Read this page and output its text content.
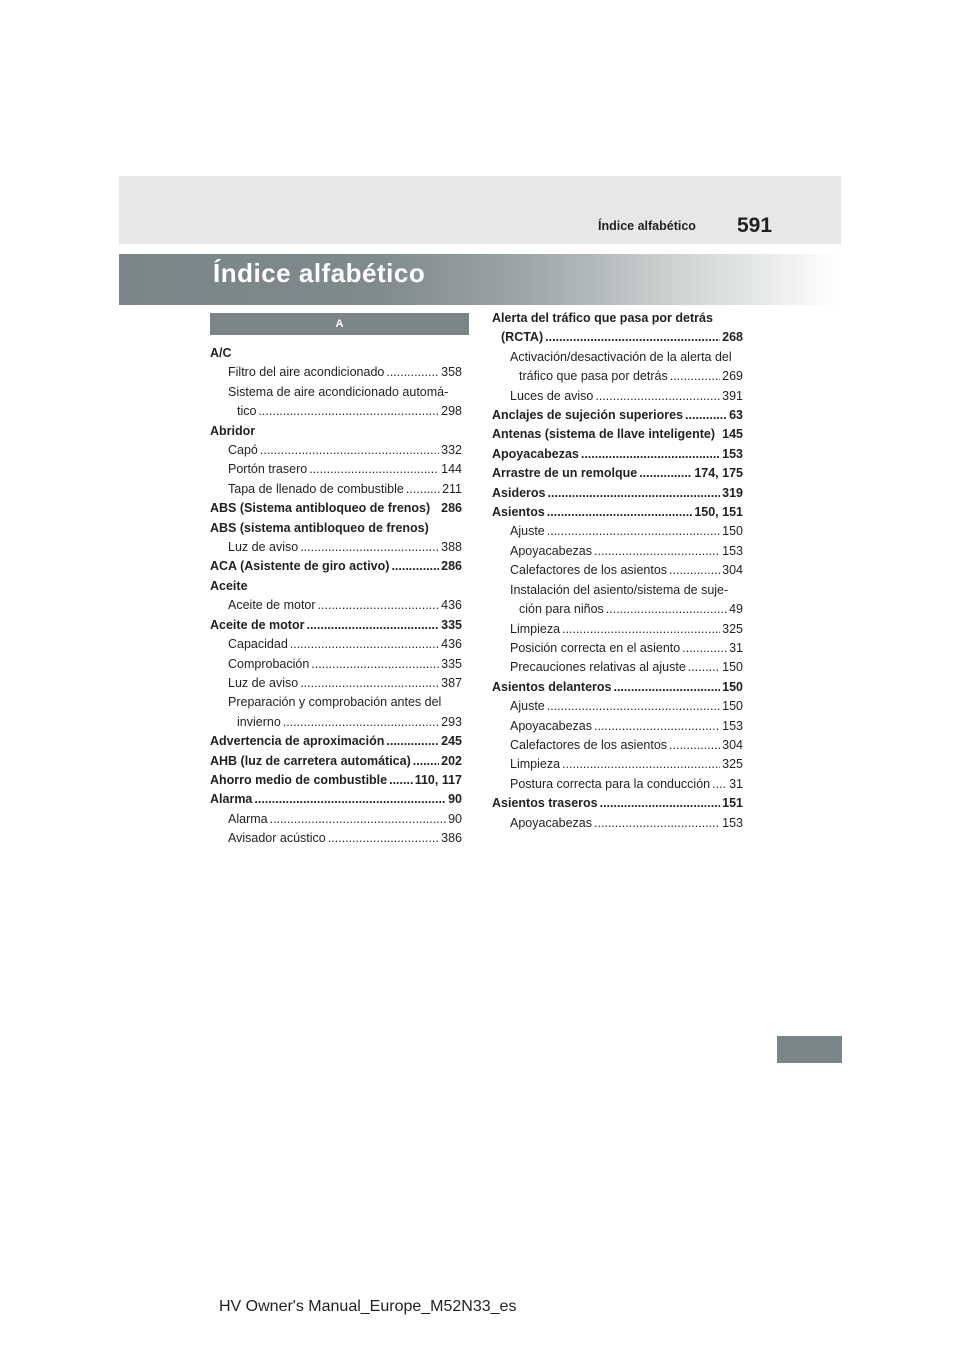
Índice alfabético 591
Índice alfabético
A
A/C
Filtro del aire acondicionado .....	358
Sistema de aire acondicionado automá-
tico .....	298
Abridor
Capó .....	332
Portón trasero .....	144
Tapa de llenado de combustible .....	211
ABS (Sistema antibloqueo de frenos) 286
ABS (sistema antibloqueo de frenos)
Luz de aviso .....	388
ACA (Asistente de giro activo) .....	286
Aceite
Aceite de motor .....	436
Aceite de motor .....	335
Capacidad .....	436
Comprobación .....	335
Luz de aviso .....	387
Preparación y comprobación antes del
invierno .....	293
Advertencia de aproximación .....	245
AHB (luz de carretera automática) ..... 202
Ahorro medio de combustible ..... 110, 117
Alarma .....	90
Alarma .....	90
Avisador acústico .....	386
Alerta del tráfico que pasa por detrás
(RCTA) .....	268
Activación/desactivación de la alerta del
tráfico que pasa por detrás .....	269
Luces de aviso .....	391
Anclajes de sujeción superiores .....	63
Antenas (sistema de llave inteligente) 145
Apoyacabezas .....	153
Arrastre de un remolque .....	174, 175
Asideros .....	319
Asientos .....	150, 151
Ajuste .....	150
Apoyacabezas .....	153
Calefactores de los asientos .....	304
Instalación del asiento/sistema de suje-
ción para niños .....	49
Limpieza .....	325
Posición correcta en el asiento .....	31
Precauciones relativas al ajuste .....	150
Asientos delanteros .....	150
Ajuste .....	150
Apoyacabezas .....	153
Calefactores de los asientos .....	304
Limpieza .....	325
Postura correcta para la conducción ..... 31
Asientos traseros .....	151
Apoyacabezas .....	153
HV Owner's Manual_Europe_M52N33_es
